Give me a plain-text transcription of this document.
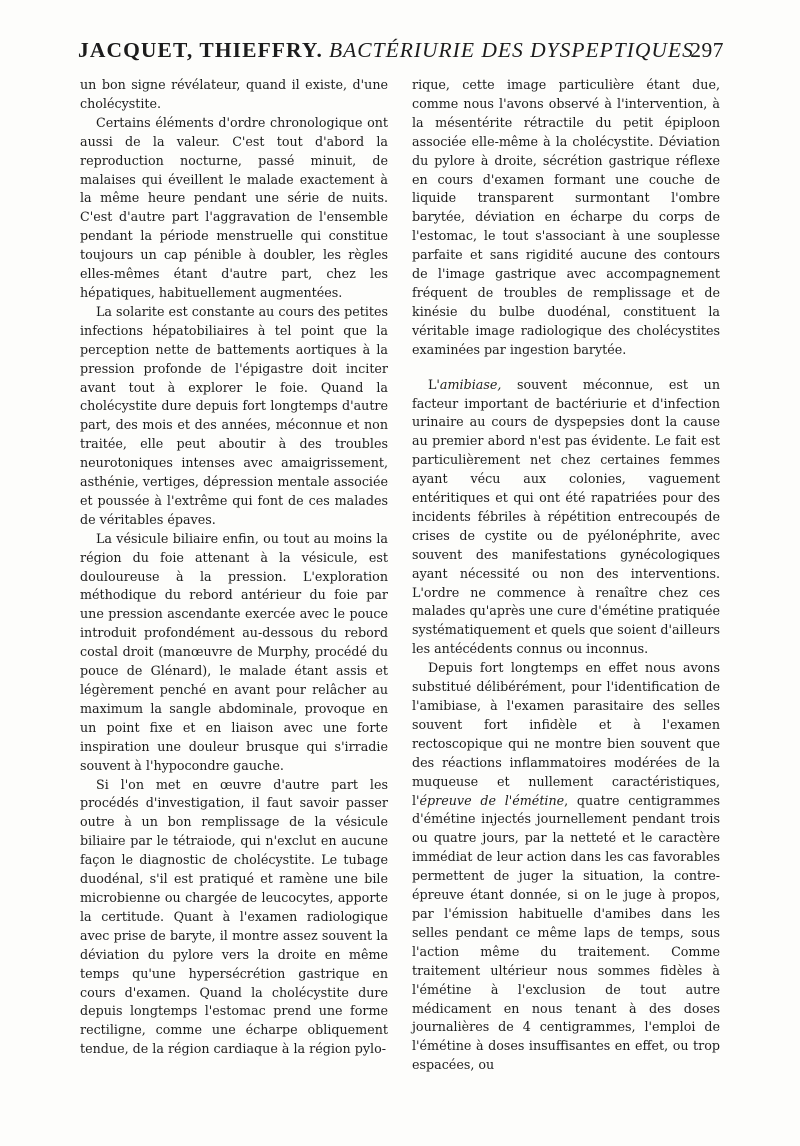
JACQUET, THIEFFRY. BACTÉRIURIE DES DYSPEPTIQUES
297

un bon signe révélateur, quand il existe, d'une cholécystite.

Certains éléments d'ordre chronologique ont aussi de la valeur. C'est tout d'abord la reproduction nocturne, passé minuit, de malaises qui éveillent le malade exactement à la même heure pendant une série de nuits. C'est d'autre part l'aggravation de l'ensemble pendant la période menstruelle qui constitue toujours un cap pénible à doubler, les règles elles-mêmes étant d'autre part, chez les hépatiques, habituellement augmentées.

La solarite est constante au cours des petites infections hépatobiliaires à tel point que la perception nette de battements aortiques à la pression profonde de l'épigastre doit inciter avant tout à explorer le foie. Quand la cholécystite dure depuis fort longtemps d'autre part, des mois et des années, méconnue et non traitée, elle peut aboutir à des troubles neurotoniques intenses avec amaigrissement, asthénie, vertiges, dépression mentale associée et poussée à l'extrême qui font de ces malades de véritables épaves.

La vésicule biliaire enfin, ou tout au moins la région du foie attenant à la vésicule, est douloureuse à la pression. L'exploration méthodique du rebord antérieur du foie par une pression ascendante exercée avec le pouce introduit profondément au-dessous du rebord costal droit (manœuvre de Murphy, procédé du pouce de Glénard), le malade étant assis et légèrement penché en avant pour relâcher au maximum la sangle abdominale, provoque en un point fixe et en liaison avec une forte inspiration une douleur brusque qui s'irradie souvent à l'hypocondre gauche.

Si l'on met en œuvre d'autre part les procédés d'investigation, il faut savoir passer outre à un bon remplissage de la vésicule biliaire par le tétraiode, qui n'exclut en aucune façon le diagnostic de cholécystite. Le tubage duodénal, s'il est pratiqué et ramène une bile microbienne ou chargée de leucocytes, apporte la certitude. Quant à l'examen radiologique avec prise de baryte, il montre assez souvent la déviation du pylore vers la droite en même temps qu'une hypersécrétion gastrique en cours d'examen. Quand la cholécystite dure depuis longtemps l'estomac prend une forme rectiligne, comme une écharpe obliquement tendue, de la région cardiaque à la région pylo-

rique, cette image particulière étant due, comme nous l'avons observé à l'intervention, à la mésentérite rétractile du petit épiploon associée elle-même à la cholécystite. Déviation du pylore à droite, sécrétion gastrique réflexe en cours d'examen formant une couche de liquide transparent surmontant l'ombre barytée, déviation en écharpe du corps de l'estomac, le tout s'associant à une souplesse parfaite et sans rigidité aucune des contours de l'image gastrique avec accompagnement fréquent de troubles de remplissage et de kinésie du bulbe duodénal, constituent la véritable image radiologique des cholécystites examinées par ingestion barytée.

L'amibiase, souvent méconnue, est un facteur important de bactériurie et d'infection urinaire au cours de dyspepsies dont la cause au premier abord n'est pas évidente. Le fait est particulièrement net chez certaines femmes ayant vécu aux colonies, vaguement entéritiques et qui ont été rapatriées pour des incidents fébriles à répétition entrecoupés de crises de cystite ou de pyélonéphrite, avec souvent des manifestations gynécologiques ayant nécessité ou non des interventions. L'ordre ne commence à renaître chez ces malades qu'après une cure d'émétine pratiquée systématiquement et quels que soient d'ailleurs les antécédents connus ou inconnus.

Depuis fort longtemps en effet nous avons substitué délibérément, pour l'identification de l'amibiase, à l'examen parasitaire des selles souvent fort infidèle et à l'examen rectoscopique qui ne montre bien souvent que des réactions inflammatoires modérées de la muqueuse et nullement caractéristiques, l'épreuve de l'émétine, quatre centigrammes d'émétine injectés journellement pendant trois ou quatre jours, par la netteté et le caractère immédiat de leur action dans les cas favorables permettent de juger la situation, la contre-épreuve étant donnée, si on le juge à propos, par l'émission habituelle d'amibes dans les selles pendant ce même laps de temps, sous l'action même du traitement. Comme traitement ultérieur nous sommes fidèles à l'émétine à l'exclusion de tout autre médicament en nous tenant à des doses journalières de 4 centigrammes, l'emploi de l'émétine à doses insuffisantes en effet, ou trop espacées, ou
